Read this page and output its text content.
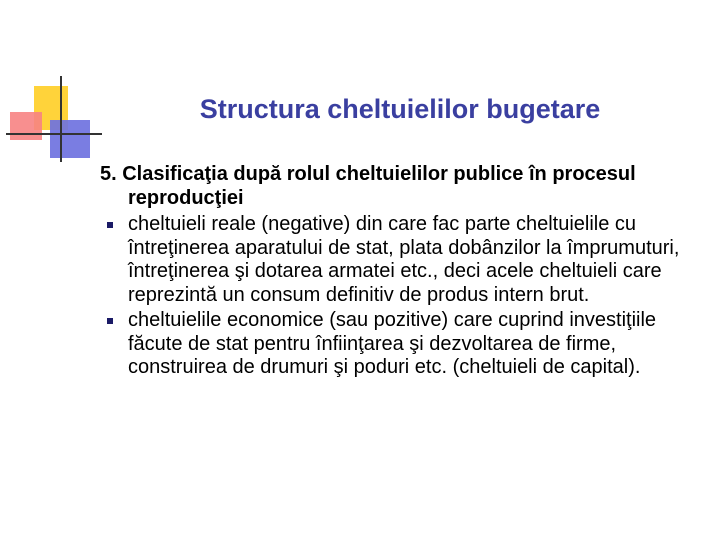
Structura cheltuielilor bugetare

5. Clasificaţia după rolul cheltuielilor publice în procesul reproducţiei

cheltuieli reale (negative) din care fac parte cheltuielile cu întreţinerea aparatului de stat, plata dobânzilor la împrumuturi, întreţinerea şi dotarea armatei etc., deci acele cheltuieli care reprezintă un consum definitiv de produs intern brut.
cheltuielile economice (sau pozitive) care cuprind investiţiile făcute de stat pentru înfiinţarea şi dezvoltarea de firme, construirea de drumuri şi poduri etc. (cheltuieli de capital).
